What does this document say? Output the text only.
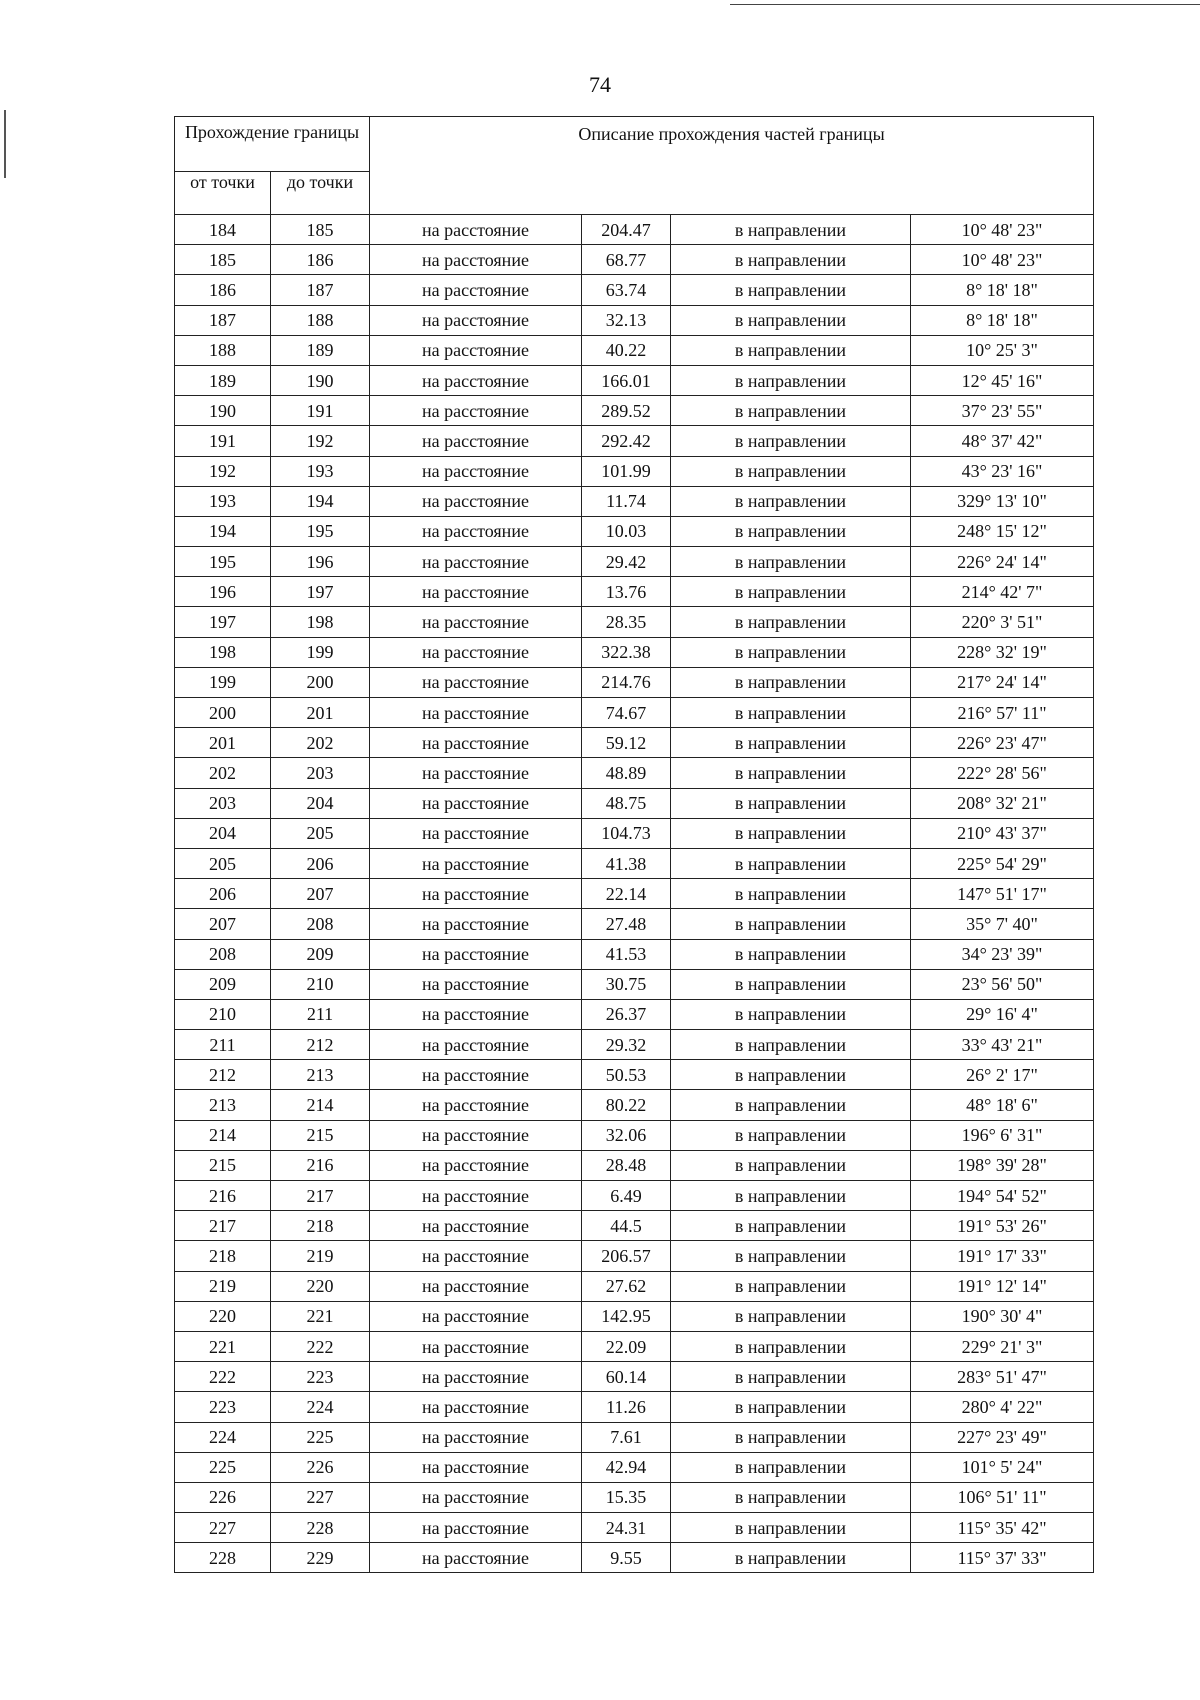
74
Прохождение границы		Описание прохождения частей границы			
от точки	до точки				
184	185	на расстояние	204.47	в направлении	10° 48' 23"
185	186	на расстояние	68.77	в направлении	10° 48' 23"
186	187	на расстояние	63.74	в направлении	8° 18' 18"
187	188	на расстояние	32.13	в направлении	8° 18' 18"
188	189	на расстояние	40.22	в направлении	10° 25' 3"
189	190	на расстояние	166.01	в направлении	12° 45' 16"
190	191	на расстояние	289.52	в направлении	37° 23' 55"
191	192	на расстояние	292.42	в направлении	48° 37' 42"
192	193	на расстояние	101.99	в направлении	43° 23' 16"
193	194	на расстояние	11.74	в направлении	329° 13' 10"
194	195	на расстояние	10.03	в направлении	248° 15' 12"
195	196	на расстояние	29.42	в направлении	226° 24' 14"
196	197	на расстояние	13.76	в направлении	214° 42' 7"
197	198	на расстояние	28.35	в направлении	220° 3' 51"
198	199	на расстояние	322.38	в направлении	228° 32' 19"
199	200	на расстояние	214.76	в направлении	217° 24' 14"
200	201	на расстояние	74.67	в направлении	216° 57' 11"
201	202	на расстояние	59.12	в направлении	226° 23' 47"
202	203	на расстояние	48.89	в направлении	222° 28' 56"
203	204	на расстояние	48.75	в направлении	208° 32' 21"
204	205	на расстояние	104.73	в направлении	210° 43' 37"
205	206	на расстояние	41.38	в направлении	225° 54' 29"
206	207	на расстояние	22.14	в направлении	147° 51' 17"
207	208	на расстояние	27.48	в направлении	35° 7' 40"
208	209	на расстояние	41.53	в направлении	34° 23' 39"
209	210	на расстояние	30.75	в направлении	23° 56' 50"
210	211	на расстояние	26.37	в направлении	29° 16' 4"
211	212	на расстояние	29.32	в направлении	33° 43' 21"
212	213	на расстояние	50.53	в направлении	26° 2' 17"
213	214	на расстояние	80.22	в направлении	48° 18' 6"
214	215	на расстояние	32.06	в направлении	196° 6' 31"
215	216	на расстояние	28.48	в направлении	198° 39' 28"
216	217	на расстояние	6.49	в направлении	194° 54' 52"
217	218	на расстояние	44.5	в направлении	191° 53' 26"
218	219	на расстояние	206.57	в направлении	191° 17' 33"
219	220	на расстояние	27.62	в направлении	191° 12' 14"
220	221	на расстояние	142.95	в направлении	190° 30' 4"
221	222	на расстояние	22.09	в направлении	229° 21' 3"
222	223	на расстояние	60.14	в направлении	283° 51' 47"
223	224	на расстояние	11.26	в направлении	280° 4' 22"
224	225	на расстояние	7.61	в направлении	227° 23' 49"
225	226	на расстояние	42.94	в направлении	101° 5' 24"
226	227	на расстояние	15.35	в направлении	106° 51' 11"
227	228	на расстояние	24.31	в направлении	115° 35' 42"
228	229	на расстояние	9.55	в направлении	115° 37' 33"
